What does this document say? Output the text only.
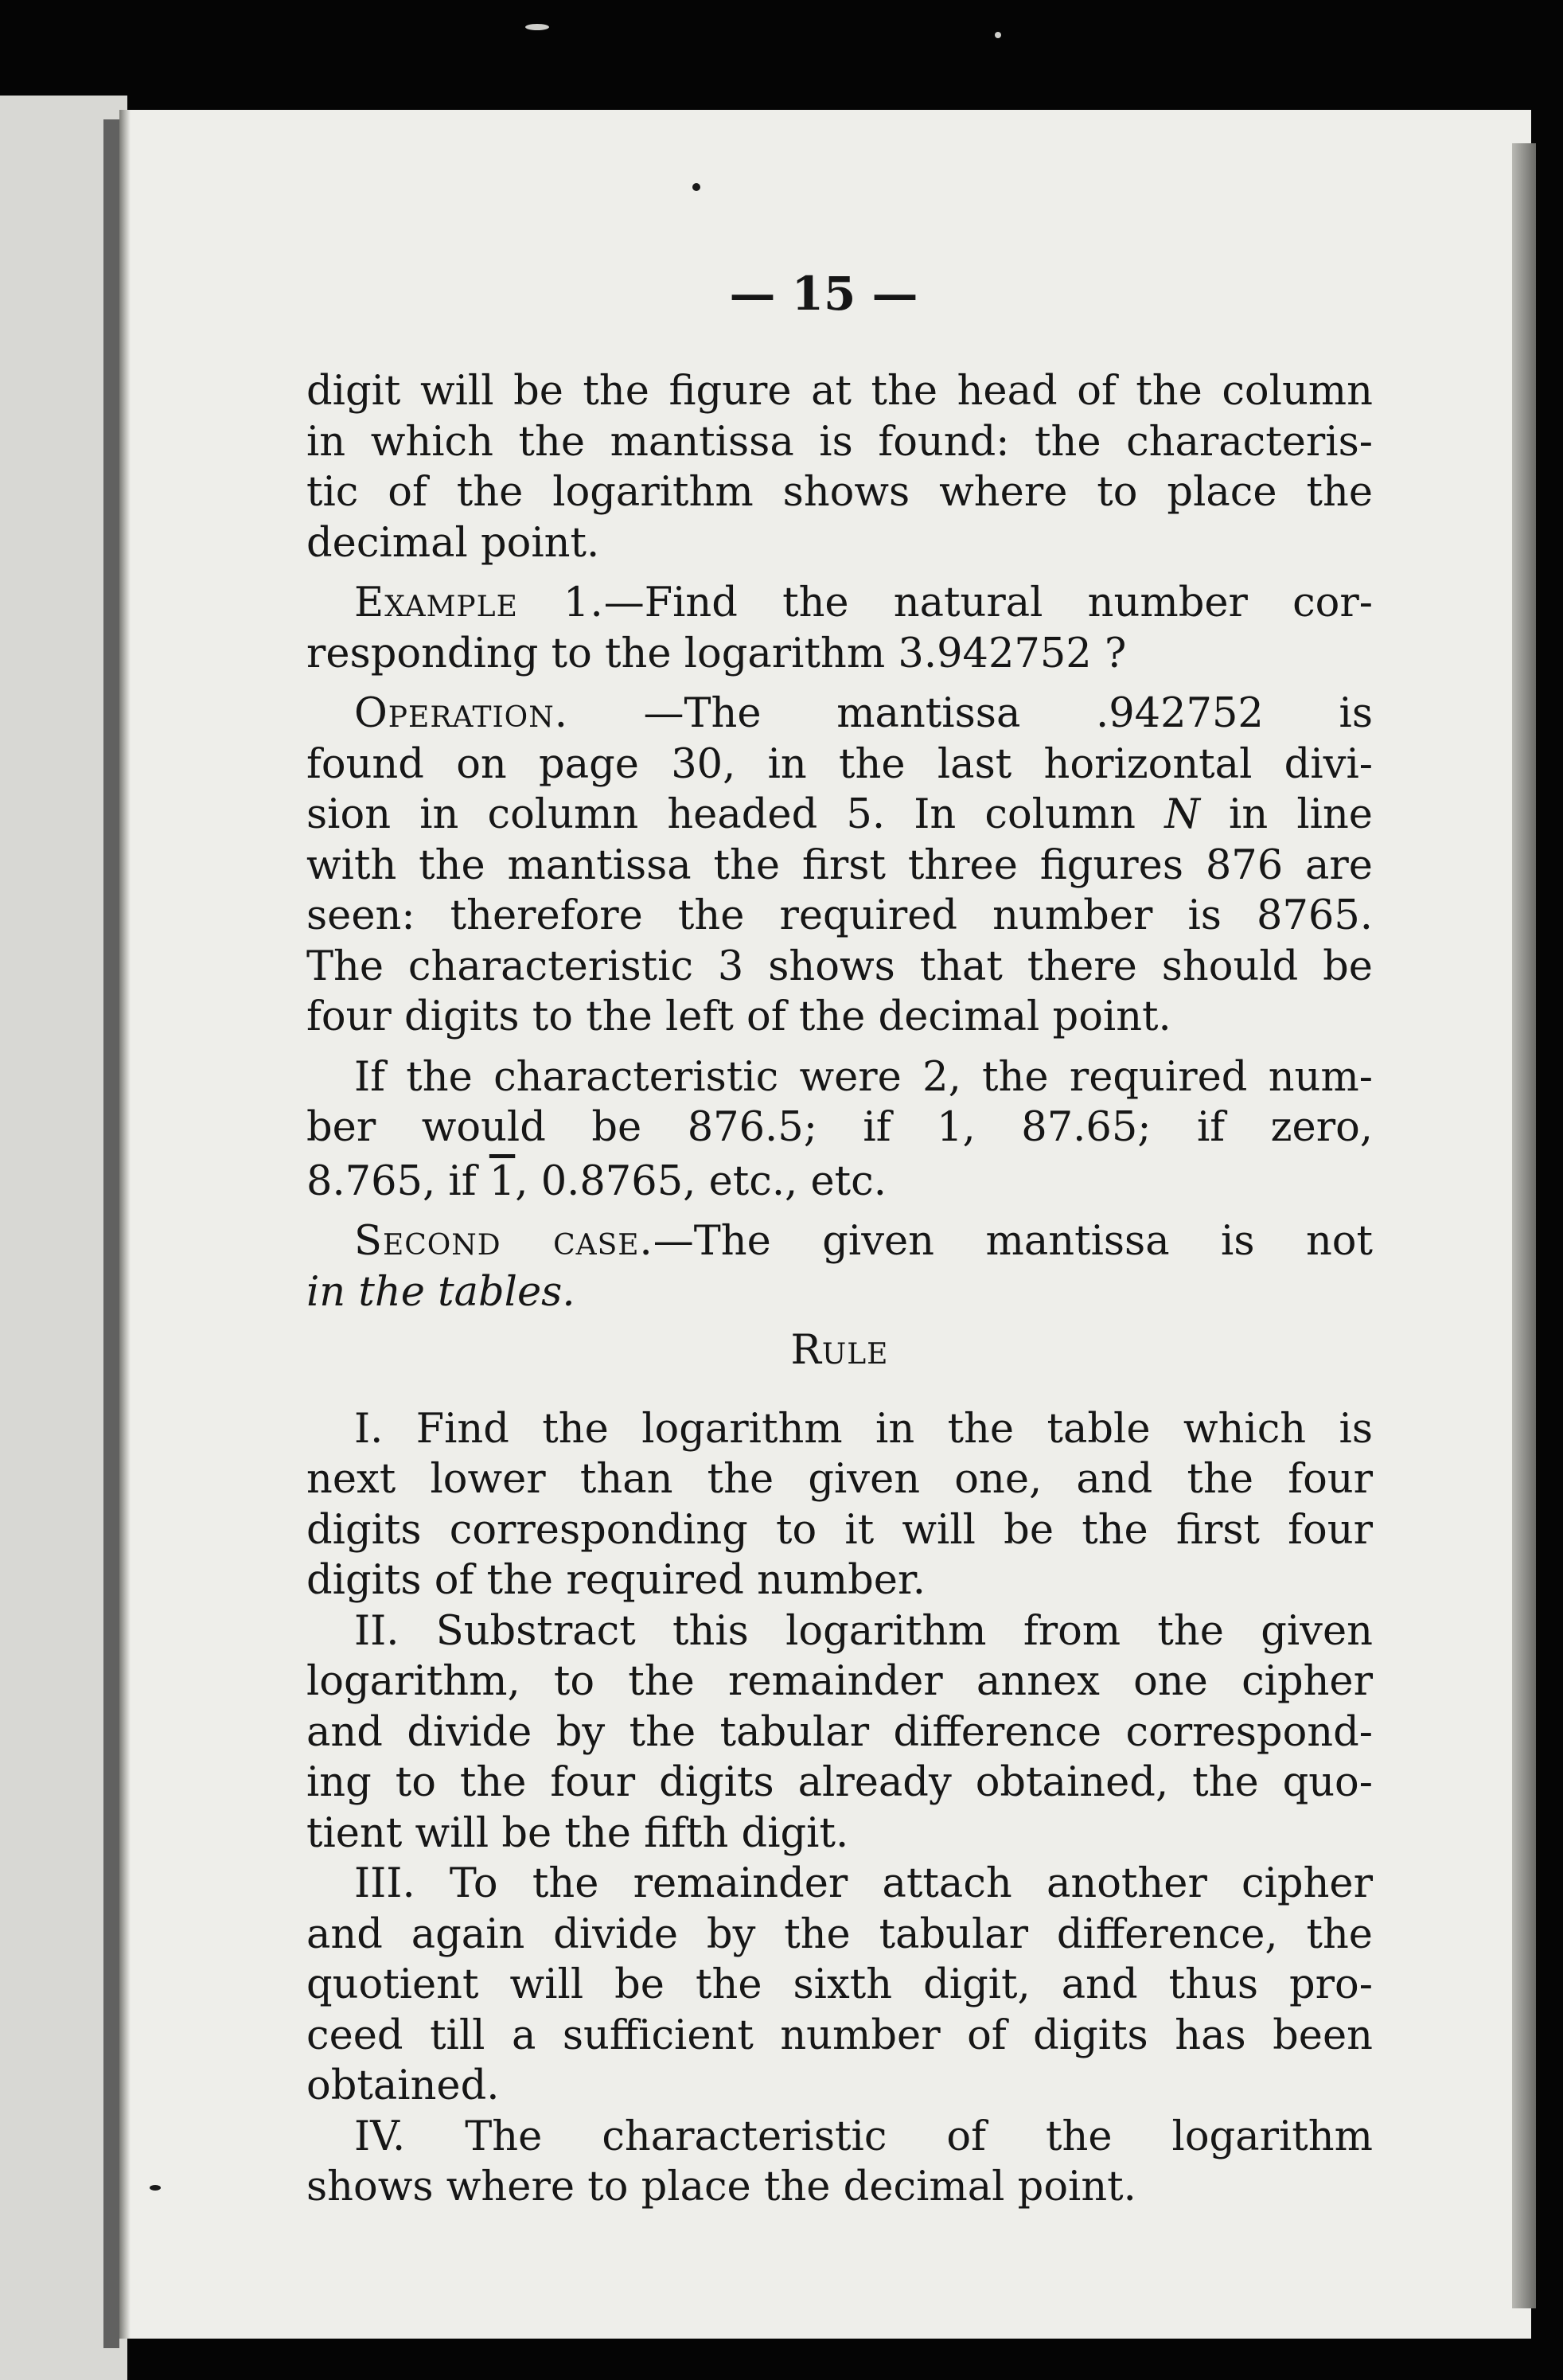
— 15 —
digit will be the figure at the head of the column
in which the mantissa is found: the characteris-
tic of the logarithm shows where to place the
decimal point.
Example 1.—Find the natural number cor-
responding to the logarithm 3.942752 ?
Operation. —The mantissa .942752 is
found on page 30, in the last horizontal divi-
sion in column headed 5. In column N in line
with the mantissa the first three figures 876 are
seen: therefore the required number is 8765.
The characteristic 3 shows that there should be
four digits to the left of the decimal point.
If the characteristic were 2, the required num-
ber would be 876.5; if 1, 87.65; if zero,
8.765, if 1, 0.8765, etc., etc.
Second case.—The given mantissa is not
in the tables.
Rule
I. Find the logarithm in the table which is
next lower than the given one, and the four
digits corresponding to it will be the first four
digits of the required number.
II. Substract this logarithm from the given
logarithm, to the remainder annex one cipher
and divide by the tabular difference correspond-
ing to the four digits already obtained, the quo-
tient will be the fifth digit.
III. To the remainder attach another cipher
and again divide by the tabular difference, the
quotient will be the sixth digit, and thus pro-
ceed till a sufficient number of digits has been
obtained.
IV. The characteristic of the logarithm
shows where to place the decimal point.
